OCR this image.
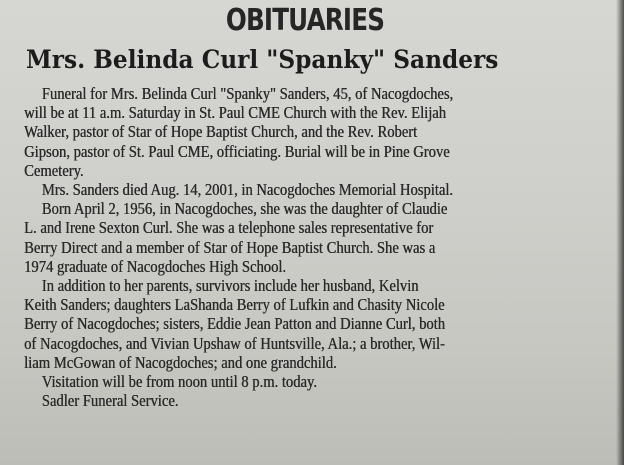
OBITUARIES
Mrs. Belinda Curl "Spanky" Sanders
Funeral for Mrs. Belinda Curl "Spanky" Sanders, 45, of Nacogdoches,
will be at 11 a.m. Saturday in St. Paul CME Church with the Rev. Elijah
Walker, pastor of Star of Hope Baptist Church, and the Rev. Robert
Gipson, pastor of St. Paul CME, officiating. Burial will be in Pine Grove
Cemetery.
Mrs. Sanders died Aug. 14, 2001, in Nacogdoches Memorial Hospital.
Born April 2, 1956, in Nacogdoches, she was the daughter of Claudie
L. and Irene Sexton Curl. She was a telephone sales representative for
Berry Direct and a member of Star of Hope Baptist Church. She was a
1974 graduate of Nacogdoches High School.
In addition to her parents, survivors include her husband, Kelvin
Keith Sanders; daughters LaShanda Berry of Lufkin and Chasity Nicole
Berry of Nacogdoches; sisters, Eddie Jean Patton and Dianne Curl, both
of Nacogdoches, and Vivian Upshaw of Huntsville, Ala.; a brother, Wil-
liam McGowan of Nacogdoches; and one grandchild.
Visitation will be from noon until 8 p.m. today.
Sadler Funeral Service.
